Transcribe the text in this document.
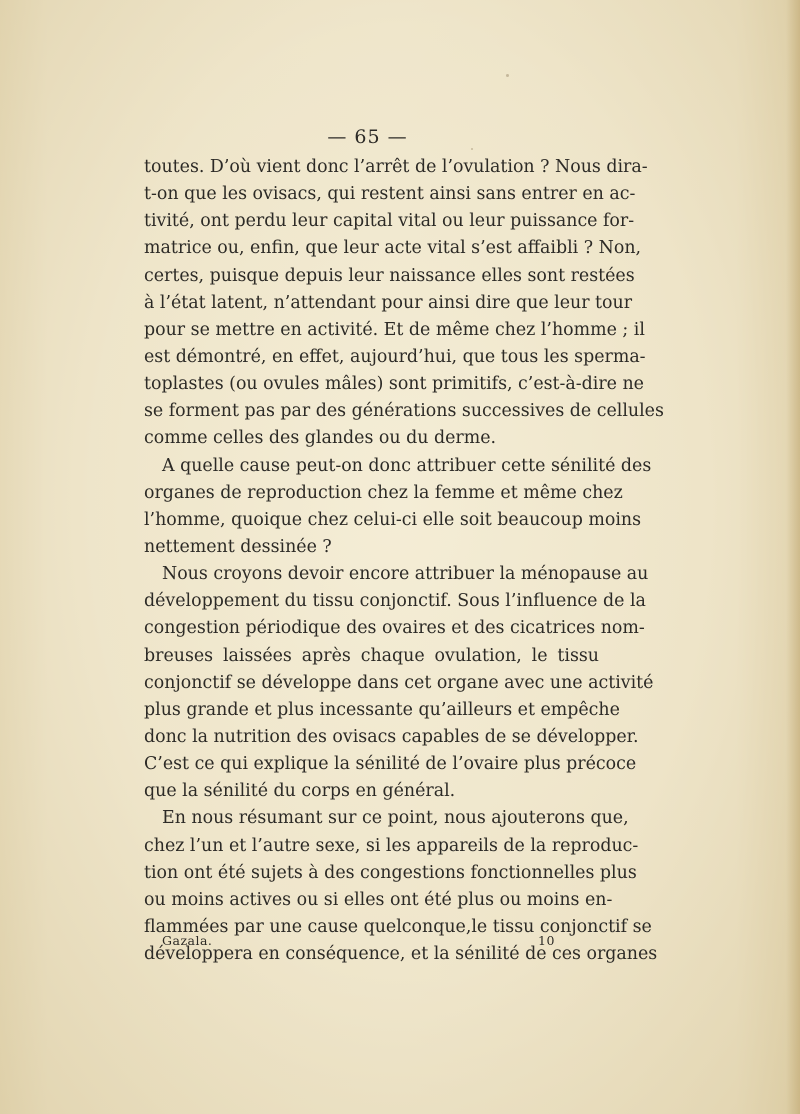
— 65 —
toutes. D’où vient donc l’arrêt de l’ovulation ? Nous dira-
t-on que les ovisacs, qui restent ainsi sans entrer en ac-
tivité, ont perdu leur capital vital ou leur puissance for-
matrice ou, enfin, que leur acte vital s’est affaibli ? Non,
certes, puisque depuis leur naissance elles sont restées
à l’état latent, n’attendant pour ainsi dire que leur tour
pour se mettre en activité. Et de même chez l’homme ; il
est démontré, en effet, aujourd’hui, que tous les sperma-
toplastes (ou ovules mâles) sont primitifs, c’est-à-dire ne
se forment pas par des générations successives de cellules
comme celles des glandes ou du derme.
A quelle cause peut-on donc attribuer cette sénilité des
organes de reproduction chez la femme et même chez
l’homme, quoique chez celui-ci elle soit beaucoup moins
nettement dessinée ?
Nous croyons devoir encore attribuer la ménopause au
développement du tissu conjonctif. Sous l’influence de la
congestion périodique des ovaires et des cicatrices nom-
breuses laissées après chaque ovulation, le tissu
conjonctif se développe dans cet organe avec une activité
plus grande et plus incessante qu’ailleurs et empêche
donc la nutrition des ovisacs capables de se développer.
C’est ce qui explique la sénilité de l’ovaire plus précoce
que la sénilité du corps en général.
En nous résumant sur ce point, nous ajouterons que,
chez l’un et l’autre sexe, si les appareils de la reproduc-
tion ont été sujets à des congestions fonctionnelles plus
ou moins actives ou si elles ont été plus ou moins en-
flammées par une cause quelconque,le tissu conjonctif se
développera en conséquence, et la sénilité de ces organes
Gazala.	10
